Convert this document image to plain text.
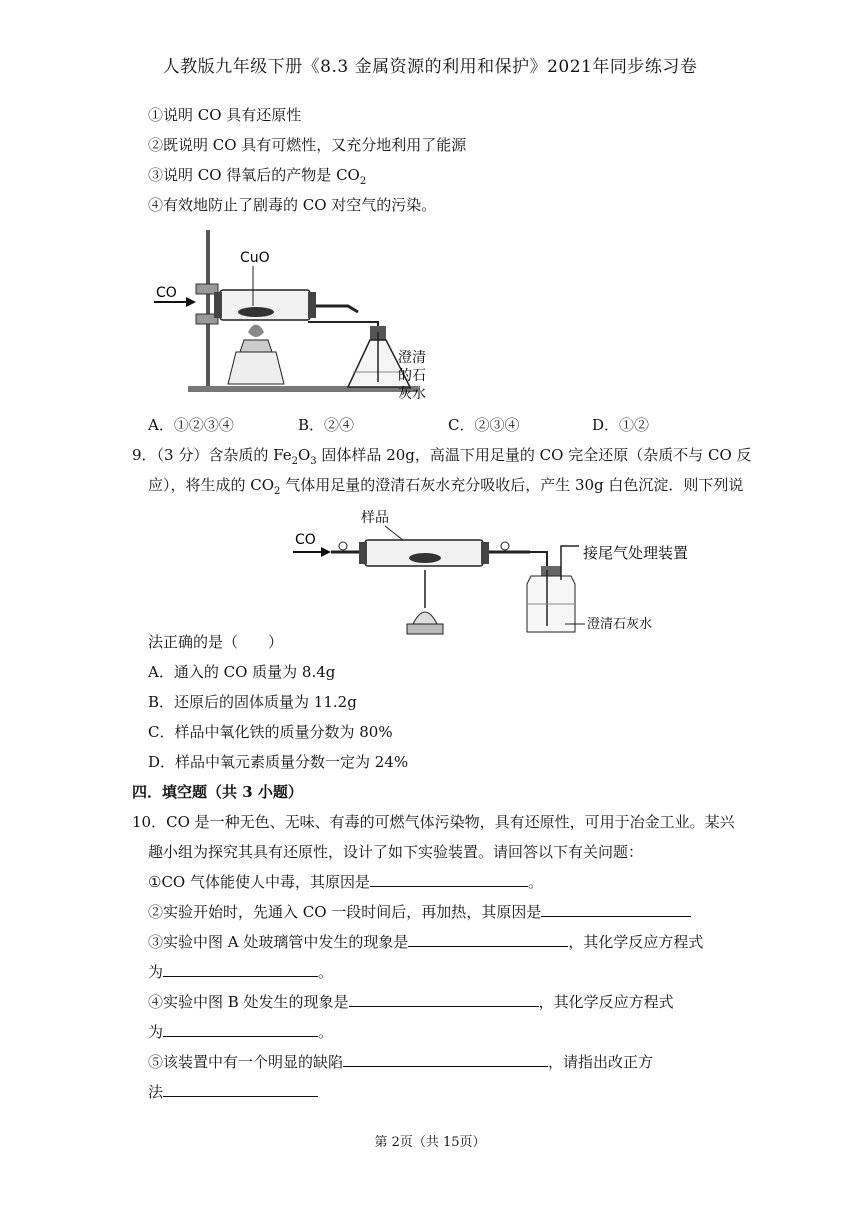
人教版九年级下册《8.3 金属资源的利用和保护》2021年同步练习卷
①说明 CO 具有还原性
②既说明 CO 具有可燃性，又充分地利用了能源
③说明 CO 得氧后的产物是 $CO_2$
④有效地防止了剧毒的 CO 对空气的污染。
CO
CuO
澄清
的石
灰水
A．①②③④	B．②④	C．②③④	D．①②
9．（3 分）含杂质的 $Fe_2O_3$ 固体样品 20g，高温下用足量的 CO 完全还原（杂质不与 CO 反
应），将生成的 $CO_2$ 气体用足量的澄清石灰水充分吸收后，产生 30g 白色沉淀．则下列说
CO
样品
接尾气处理装置
澄清石灰水
法正确的是（　　）
A．通入的 CO 质量为 8.4g
B．还原后的固体质量为 11.2g
C．样品中氧化铁的质量分数为 80%
D．样品中氧元素质量分数一定为 24%
四．填空题（共 3 小题）
10．CO 是一种无色、无味、有毒的可燃气体污染物，具有还原性，可用于冶金工业。某兴
趣小组为探究其具有还原性，设计了如下实验装置。请回答以下有关问题：
①CO 气体能使人中毒，其原因是	。
②实验开始时，先通入 CO 一段时间后，再加热，其原因是
③实验中图 A 处玻璃管中发生的现象是	，其化学反应方程式
为	。
④实验中图 B 处发生的现象是	，其化学反应方程式
为	。
⑤该装置中有一个明显的缺陷	，请指出改正方
法
第 2页（共 15页）
